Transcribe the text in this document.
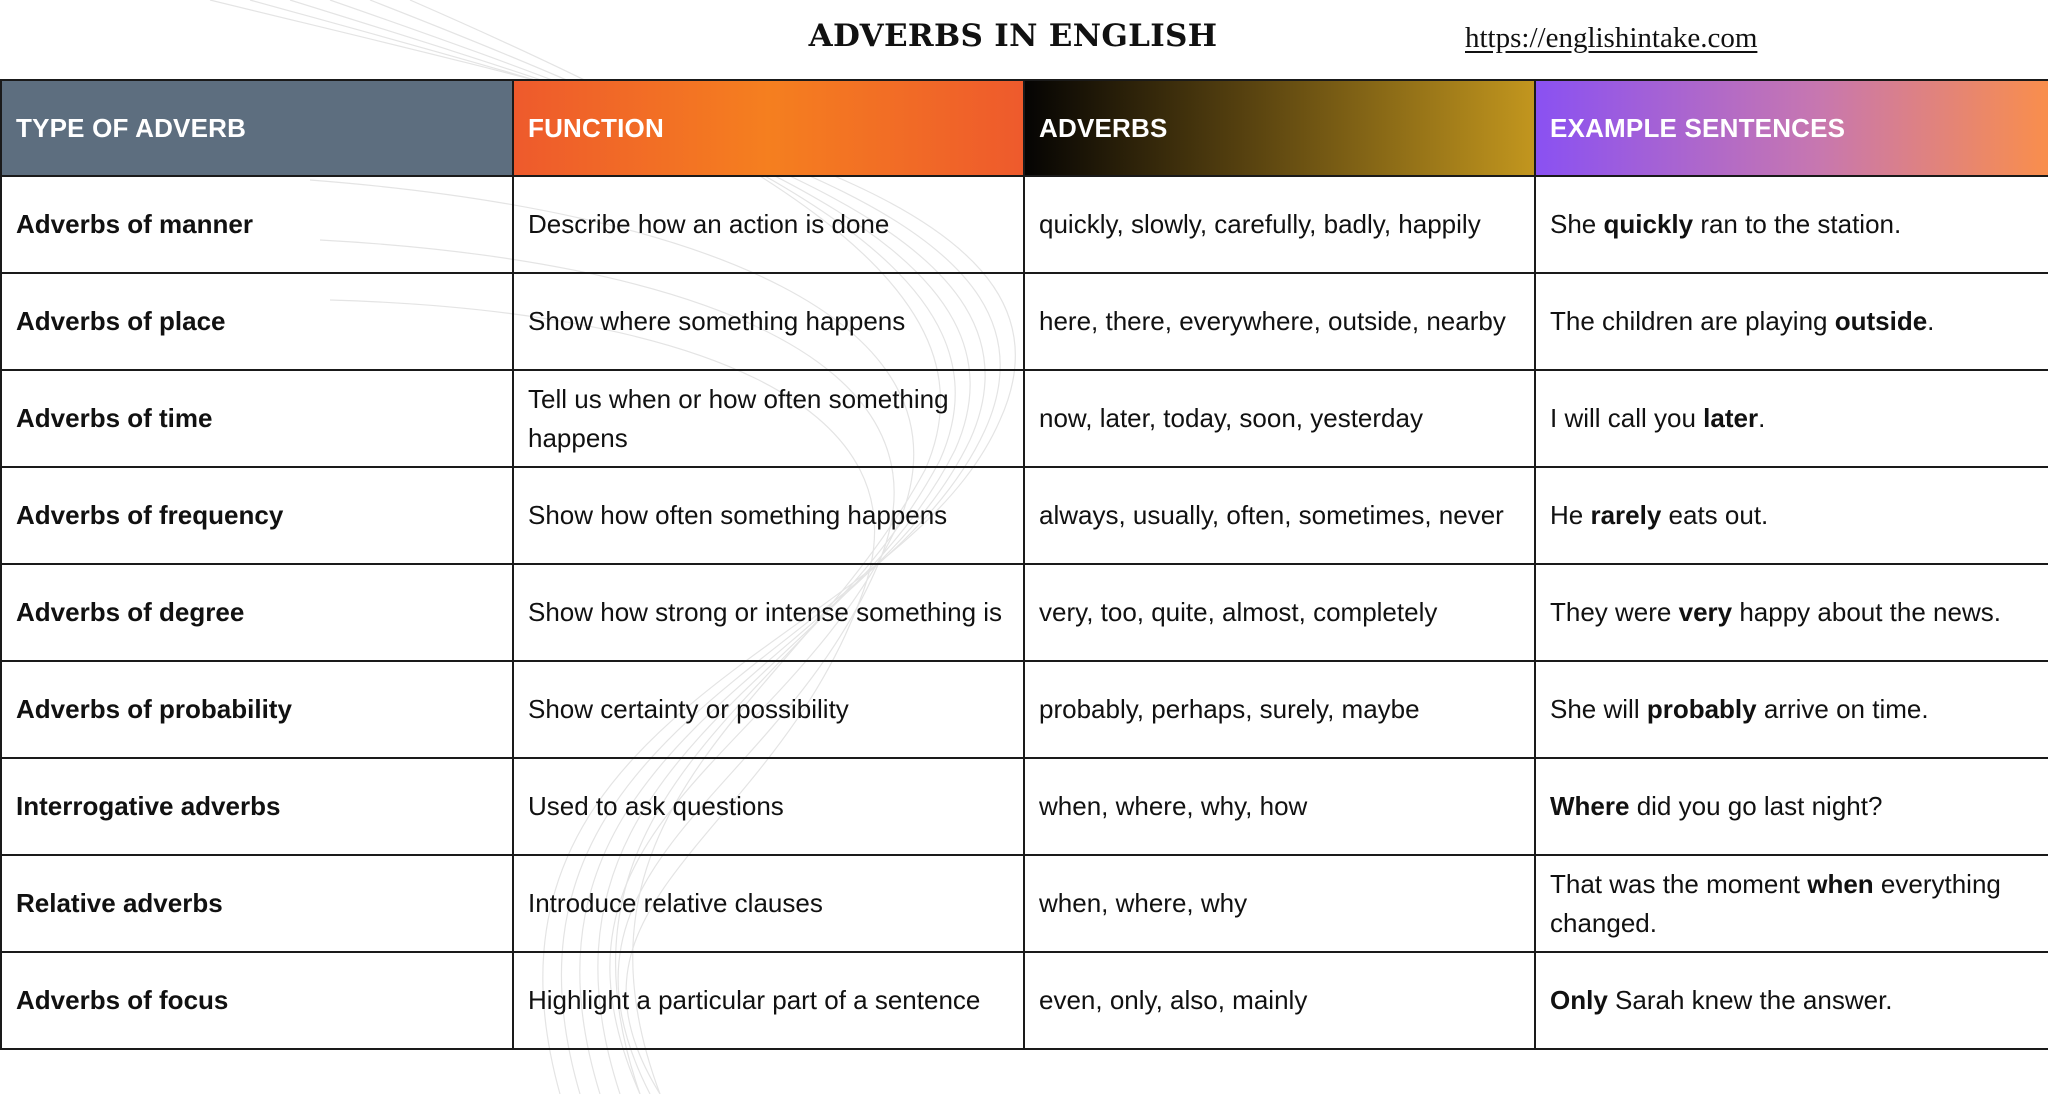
ADVERBS IN ENGLISH	https://englishintake.com
TYPE OF ADVERB	FUNCTION	ADVERBS	EXAMPLE SENTENCES
Adverbs of manner	Describe how an action is done	quickly, slowly, carefully, badly, happily	She quickly ran to the station.
Adverbs of place	Show where something happens	here, there, everywhere, outside, nearby	The children are playing outside.
Adverbs of time	Tell us when or how often something happens	now, later, today, soon, yesterday	I will call you later.
Adverbs of frequency	Show how often something happens	always, usually, often, sometimes, never	He rarely eats out.
Adverbs of degree	Show how strong or intense something is	very, too, quite, almost, completely	They were very happy about the news.
Adverbs of probability	Show certainty or possibility	probably, perhaps, surely, maybe	She will probably arrive on time.
Interrogative adverbs	Used to ask questions	when, where, why, how	Where did you go last night?
Relative adverbs	Introduce relative clauses	when, where, why	That was the moment when everything changed.
Adverbs of focus	Highlight a particular part of a sentence	even, only, also, mainly	Only Sarah knew the answer.
